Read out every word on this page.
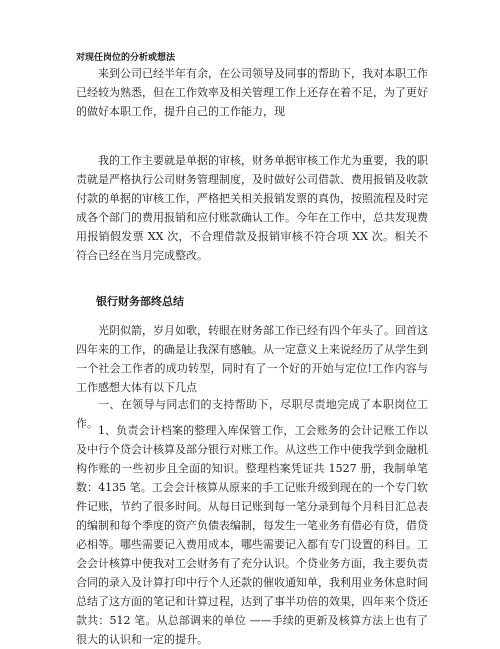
对现任岗位的分析或想法

来到公司已经半年有余，在公司领导及同事的帮助下，我对本职工作已经较为熟悉，但在工作效率及相关管理工作上还存在着不足，为了更好的做好本职工作，提升自己的工作能力，现

我的工作主要就是单据的审核，财务单据审核工作尤为重要，我的职责就是严格执行公司财务管理制度，及时做好公司借款、费用报销及收款付款的单据的审核工作，严格把关相关报销发票的真伪，按照流程及时完成各个部门的费用报销和应付账款确认工作。今年在工作中，总共发现费用报销假发票 XX 次，不合理借款及报销审核不符合项 XX 次。相关不符合已经在当月完成整改。

银行财务部终总结

光阴似箭，岁月如歌，转眼在财务部工作已经有四个年头了。回首这四年来的工作，的确是让我深有感触。从一定意义上来说经历了从学生到一个社会工作者的成功转型，同时有了一个好的开始与定位!工作内容与工作感想大体有以下几点

一、在领导与同志们的支持帮助下，尽职尽责地完成了本职岗位工作。

1、负责会计档案的整理入库保管工作，工会账务的会计记账工作以及中行个贷会计核算及部分银行对账工作。从这些工作中使我学到金融机构作账的一些初步且全面的知识。整理档案凭证共 1527 册，我制单笔数：4135 笔。工会会计核算从原来的手工记账升级到现在的一个专门软件记账，节约了很多时间。从每日记账到每一笔分录到每个月科目汇总表的编制和每个季度的资产负债表编制，每发生一笔业务有借必有贷，借贷必相等。哪些需要记入费用成本，哪些需要记入都有专门设置的科目。工会会计核算中使我对工会财务有了充分认识。个贷业务方面，我主要负责合同的录入及计算打印中行个人还款的催收通知单，我利用业务休息时间总结了这方面的笔记和计算过程，达到了事半功倍的效果，四年来个贷还款共：512 笔。从总部调来的单位 ——手续的更新及核算方法上也有了很大的认识和一定的提升。
